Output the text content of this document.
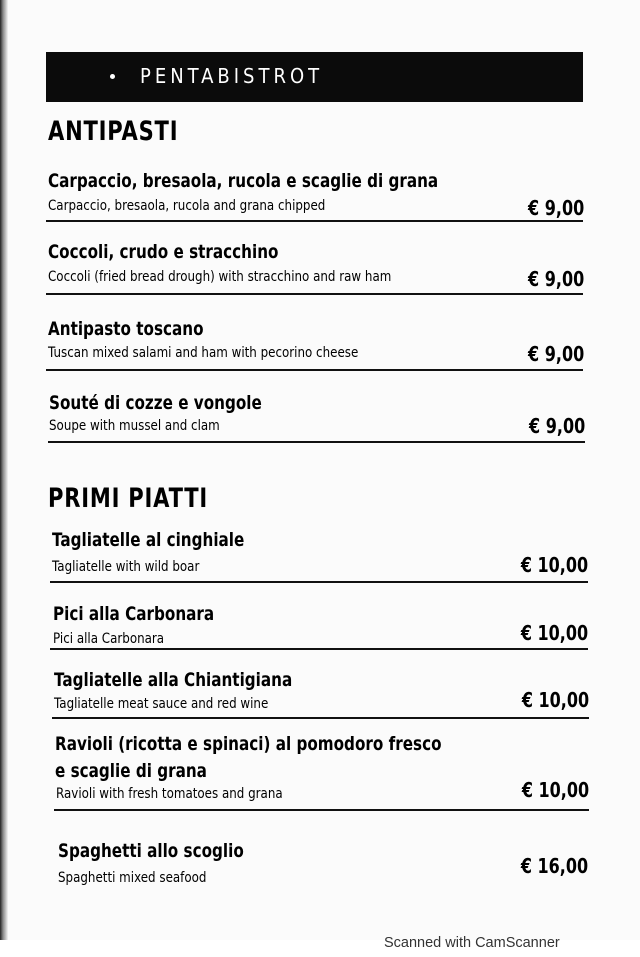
PENTABISTROT
ANTIPASTI
Carpaccio, bresaola, rucola e scaglie di grana
Carpaccio, bresaola, rucola and grana chipped	€ 9,00
Coccoli, crudo e stracchino
Coccoli (fried bread drough) with stracchino and raw ham	€ 9,00
Antipasto toscano
Tuscan mixed salami and ham with pecorino cheese	€ 9,00
Souté di cozze e vongole
Soupe with mussel and clam	€ 9,00
PRIMI PIATTI
Tagliatelle al cinghiale
Tagliatelle with wild boar	€ 10,00
Pici alla Carbonara
Pici alla Carbonara	€ 10,00
Tagliatelle alla Chiantigiana
Tagliatelle meat sauce and red wine	€ 10,00
Ravioli (ricotta e spinaci) al pomodoro fresco
e scaglie di grana
Ravioli with fresh tomatoes and grana	€ 10,00
Spaghetti allo scoglio
Spaghetti mixed seafood	€ 16,00
Scanned with CamScanner
